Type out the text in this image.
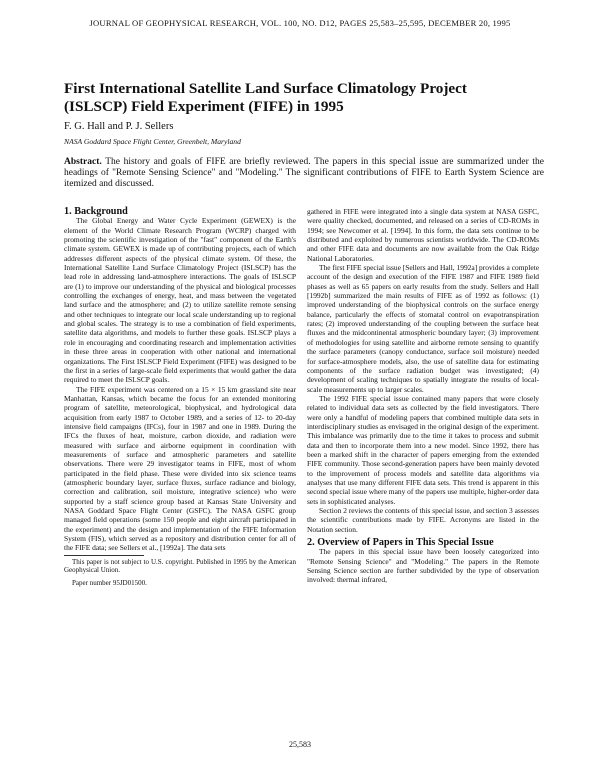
JOURNAL OF GEOPHYSICAL RESEARCH, VOL. 100, NO. D12, PAGES 25,583–25,595, DECEMBER 20, 1995
First International Satellite Land Surface Climatology Project (ISLSCP) Field Experiment (FIFE) in 1995
F. G. Hall and P. J. Sellers
NASA Goddard Space Flight Center, Greenbelt, Maryland
Abstract. The history and goals of FIFE are briefly reviewed. The papers in this special issue are summarized under the headings of "Remote Sensing Science" and "Modeling." The significant contributions of FIFE to Earth System Science are itemized and discussed.

1. Background

The Global Energy and Water Cycle Experiment (GEWEX) is the element of the World Climate Research Program (WCRP) charged with promoting the scientific investigation of the "fast" component of the Earth's climate system. GEWEX is made up of contributing projects, each of which addresses different aspects of the physical climate system. Of these, the International Satellite Land Surface Climatology Project (ISLSCP) has the lead role in addressing land-atmosphere interactions. The goals of ISLSCP are (1) to improve our understanding of the physical and biological processes controlling the exchanges of energy, heat, and mass between the vegetated land surface and the atmosphere; and (2) to utilize satellite remote sensing and other techniques to integrate our local scale understanding up to regional and global scales. The strategy is to use a combination of field experiments, satellite data algorithms, and models to further these goals. ISLSCP plays a role in encouraging and coordinating research and implementation activities in these three areas in cooperation with other national and international organizations. The First ISLSCP Field Experiment (FIFE) was designed to be the first in a series of large-scale field experiments that would gather the data required to meet the ISLSCP goals.

The FIFE experiment was centered on a 15 × 15 km grassland site near Manhattan, Kansas, which became the focus for an extended monitoring program of satellite, meteorological, biophysical, and hydrological data acquisition from early 1987 to October 1989, and a series of 12- to 20-day intensive field campaigns (IFCs), four in 1987 and one in 1989. During the IFCs the fluxes of heat, moisture, carbon dioxide, and radiation were measured with surface and airborne equipment in coordination with measurements of surface and atmospheric parameters and satellite observations. There were 29 investigator teams in FIFE, most of whom participated in the field phase. These were divided into six science teams (atmospheric boundary layer, surface fluxes, surface radiance and biology, correction and calibration, soil moisture, integrative science) who were supported by a staff science group based at Kansas State University and NASA Goddard Space Flight Center (GSFC). The NASA GSFC group managed field operations (some 150 people and eight aircraft participated in the experiment) and the design and implementation of the FIFE Information System (FIS), which served as a repository and distribution center for all of the FIFE data; see Sellers et al., [1992a]. The data sets

This paper is not subject to U.S. copyright. Published in 1995 by the American Geophysical Union.

Paper number 95JD01500.

gathered in FIFE were integrated into a single data system at NASA GSFC, were quality checked, documented, and released on a series of CD-ROMs in 1994; see Newcomer et al. [1994]. In this form, the data sets continue to be distributed and exploited by numerous scientists worldwide. The CD-ROMs and other FIFE data and documents are now available from the Oak Ridge National Laboratories.

The first FIFE special issue [Sellers and Hall, 1992a] provides a complete account of the design and execution of the FIFE 1987 and FIFE 1989 field phases as well as 65 papers on early results from the study. Sellers and Hall [1992b] summarized the main results of FIFE as of 1992 as follows: (1) improved understanding of the biophysical controls on the surface energy balance, particularly the effects of stomatal control on evapotranspiration rates; (2) improved understanding of the coupling between the surface heat fluxes and the midcontinental atmospheric boundary layer; (3) improvement of methodologies for using satellite and airborne remote sensing to quantify the surface parameters (canopy conductance, surface soil moisture) needed for surface-atmosphere models, also, the use of satellite data for estimating components of the surface radiation budget was investigated; (4) development of scaling techniques to spatially integrate the results of local-scale measurements up to larger scales.

The 1992 FIFE special issue contained many papers that were closely related to individual data sets as collected by the field investigators. There were only a handful of modeling papers that combined multiple data sets in interdisciplinary studies as envisaged in the original design of the experiment. This imbalance was primarily due to the time it takes to process and submit data and then to incorporate them into a new model. Since 1992, there has been a marked shift in the character of papers emerging from the extended FIFE community. Those second-generation papers have been mainly devoted to the improvement of process models and satellite data algorithms via analyses that use many different FIFE data sets. This trend is apparent in this second special issue where many of the papers use multiple, higher-order data sets in sophisticated analyses.

Section 2 reviews the contents of this special issue, and section 3 assesses the scientific contributions made by FIFE. Acronyms are listed in the Notation section.

2. Overview of Papers in This Special Issue

The papers in this special issue have been loosely categorized into "Remote Sensing Science" and "Modeling." The papers in the Remote Sensing Science section are further subdivided by the type of observation involved: thermal infrared,

25,583
